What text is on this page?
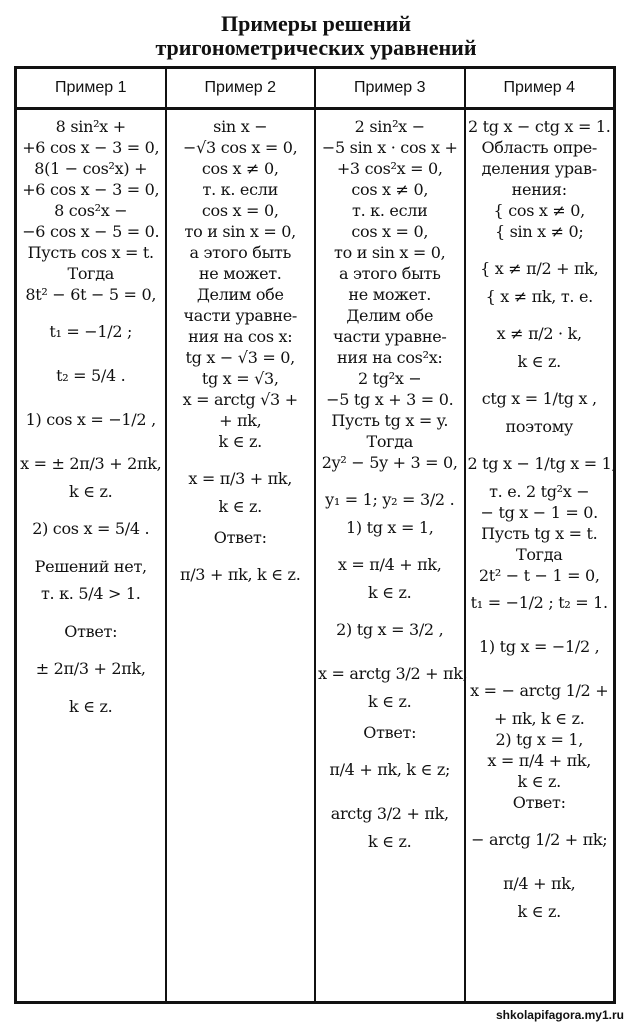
Примеры решений
тригонометрических уравнений
Пример 1
8 sin²x +
+6 cos x − 3 = 0,
8(1 − cos²x) +
+6 cos x − 3 = 0,
8 cos²x −
−6 cos x − 5 = 0.
Пусть cos x = t.
Тогда
8t² − 6t − 5 = 0,
t₁ = −1/2 ;
t₂ = 5/4 .
1) cos x = −1/2 ,
x = ± 2π/3 + 2πk,
k ∈ z.
2) cos x = 5/4 .
Решений нет,
т. к. 5/4 > 1.
Ответ:
± 2π/3 + 2πk,
k ∈ z.
Пример 2
sin x −
−√3 cos x = 0,
cos x ≠ 0,
т. к. если
cos x = 0,
то и sin x = 0,
а этого быть
не может.
Делим обе
части уравне-
ния на cos x:
tg x − √3 = 0,
tg x = √3,
x = arctg √3 +
+ πk,
k ∈ z.
x = π/3 + πk,
k ∈ z.
Ответ:
π/3 + πk, k ∈ z.
Пример 3
2 sin²x −
−5 sin x · cos x +
+3 cos²x = 0,
cos x ≠ 0,
т. к. если
cos x = 0,
то и sin x = 0,
а этого быть
не может.
Делим обе
части уравне-
ния на cos²x:
2 tg²x −
−5 tg x + 3 = 0.
Пусть tg x = y.
Тогда
2y² − 5y + 3 = 0,
y₁ = 1; y₂ = 3/2 .
1) tg x = 1,
x = π/4 + πk,
k ∈ z.
2) tg x = 3/2 ,
x = arctg 3/2 + πk,
k ∈ z.
Ответ:
π/4 + πk, k ∈ z;
arctg 3/2 + πk,
k ∈ z.
Пример 4
2 tg x − ctg x = 1.
Область опре-
деления урав-
нения:
{ cos x ≠ 0,
{ sin x ≠ 0;
{ x ≠ π/2 + πk,
{ x ≠ πk, т. е.
x ≠ π/2 · k,
k ∈ z.
ctg x = 1/tg x ,
поэтому
2 tg x − 1/tg x = 1,
т. е. 2 tg²x −
− tg x − 1 = 0.
Пусть tg x = t.
Тогда
2t² − t − 1 = 0,
t₁ = −1/2 ; t₂ = 1.
1) tg x = −1/2 ,
x = − arctg 1/2 +
+ πk, k ∈ z.
2) tg x = 1,
x = π/4 + πk,
k ∈ z.
Ответ:
− arctg 1/2 + πk;
π/4 + πk,
k ∈ z.
shkolapifagora.my1.ru
